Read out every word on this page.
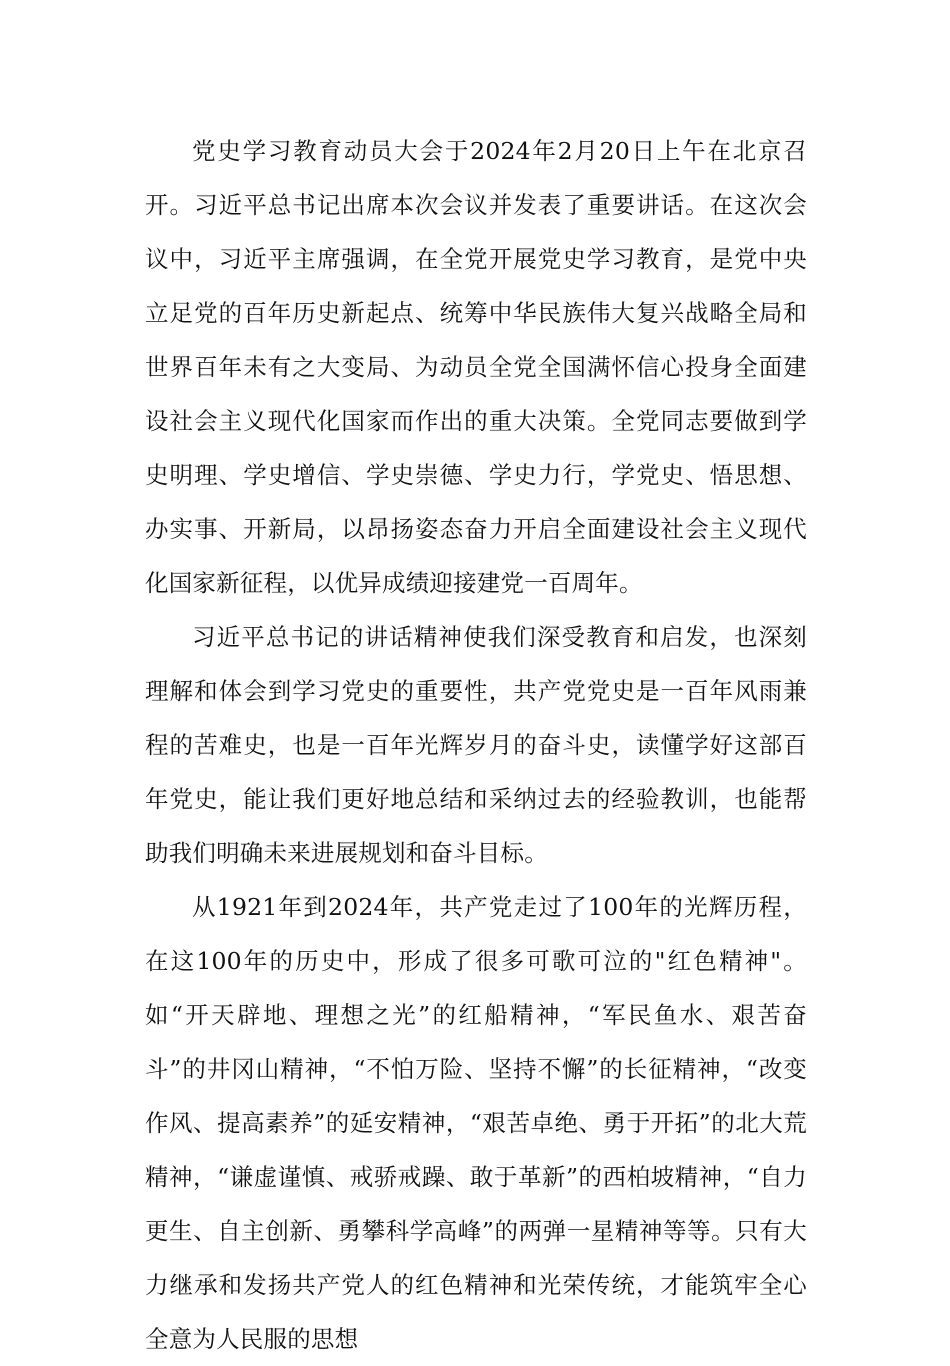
党史学习教育动员大会于2024年2月20日上午在北京召开。习近平总书记出席本次会议并发表了重要讲话。在这次会议中，习近平主席强调，在全党开展党史学习教育，是党中央立足党的百年历史新起点、统筹中华民族伟大复兴战略全局和世界百年未有之大变局、为动员全党全国满怀信心投身全面建设社会主义现代化国家而作出的重大决策。全党同志要做到学史明理、学史增信、学史崇德、学史力行，学党史、悟思想、办实事、开新局，以昂扬姿态奋力开启全面建设社会主义现代化国家新征程，以优异成绩迎接建党一百周年。

习近平总书记的讲话精神使我们深受教育和启发，也深刻理解和体会到学习党史的重要性，共产党党史是一百年风雨兼程的苦难史，也是一百年光辉岁月的奋斗史，读懂学好这部百年党史，能让我们更好地总结和采纳过去的经验教训，也能帮助我们明确未来进展规划和奋斗目标。

从1921年到2024年，共产党走过了100年的光辉历程，在这100年的历史中，形成了很多可歌可泣的"红色精神"。如“开天辟地、理想之光”的红船精神，“军民鱼水、艰苦奋斗”的井冈山精神，“不怕万险、坚持不懈”的长征精神，“改变作风、提高素养”的延安精神，“艰苦卓绝、勇于开拓”的北大荒精神，“谦虚谨慎、戒骄戒躁、敢于革新”的西柏坡精神，“自力更生、自主创新、勇攀科学高峰”的两弹一星精神等等。只有大力继承和发扬共产党人的红色精神和光荣传统，才能筑牢全心全意为人民服的思想
